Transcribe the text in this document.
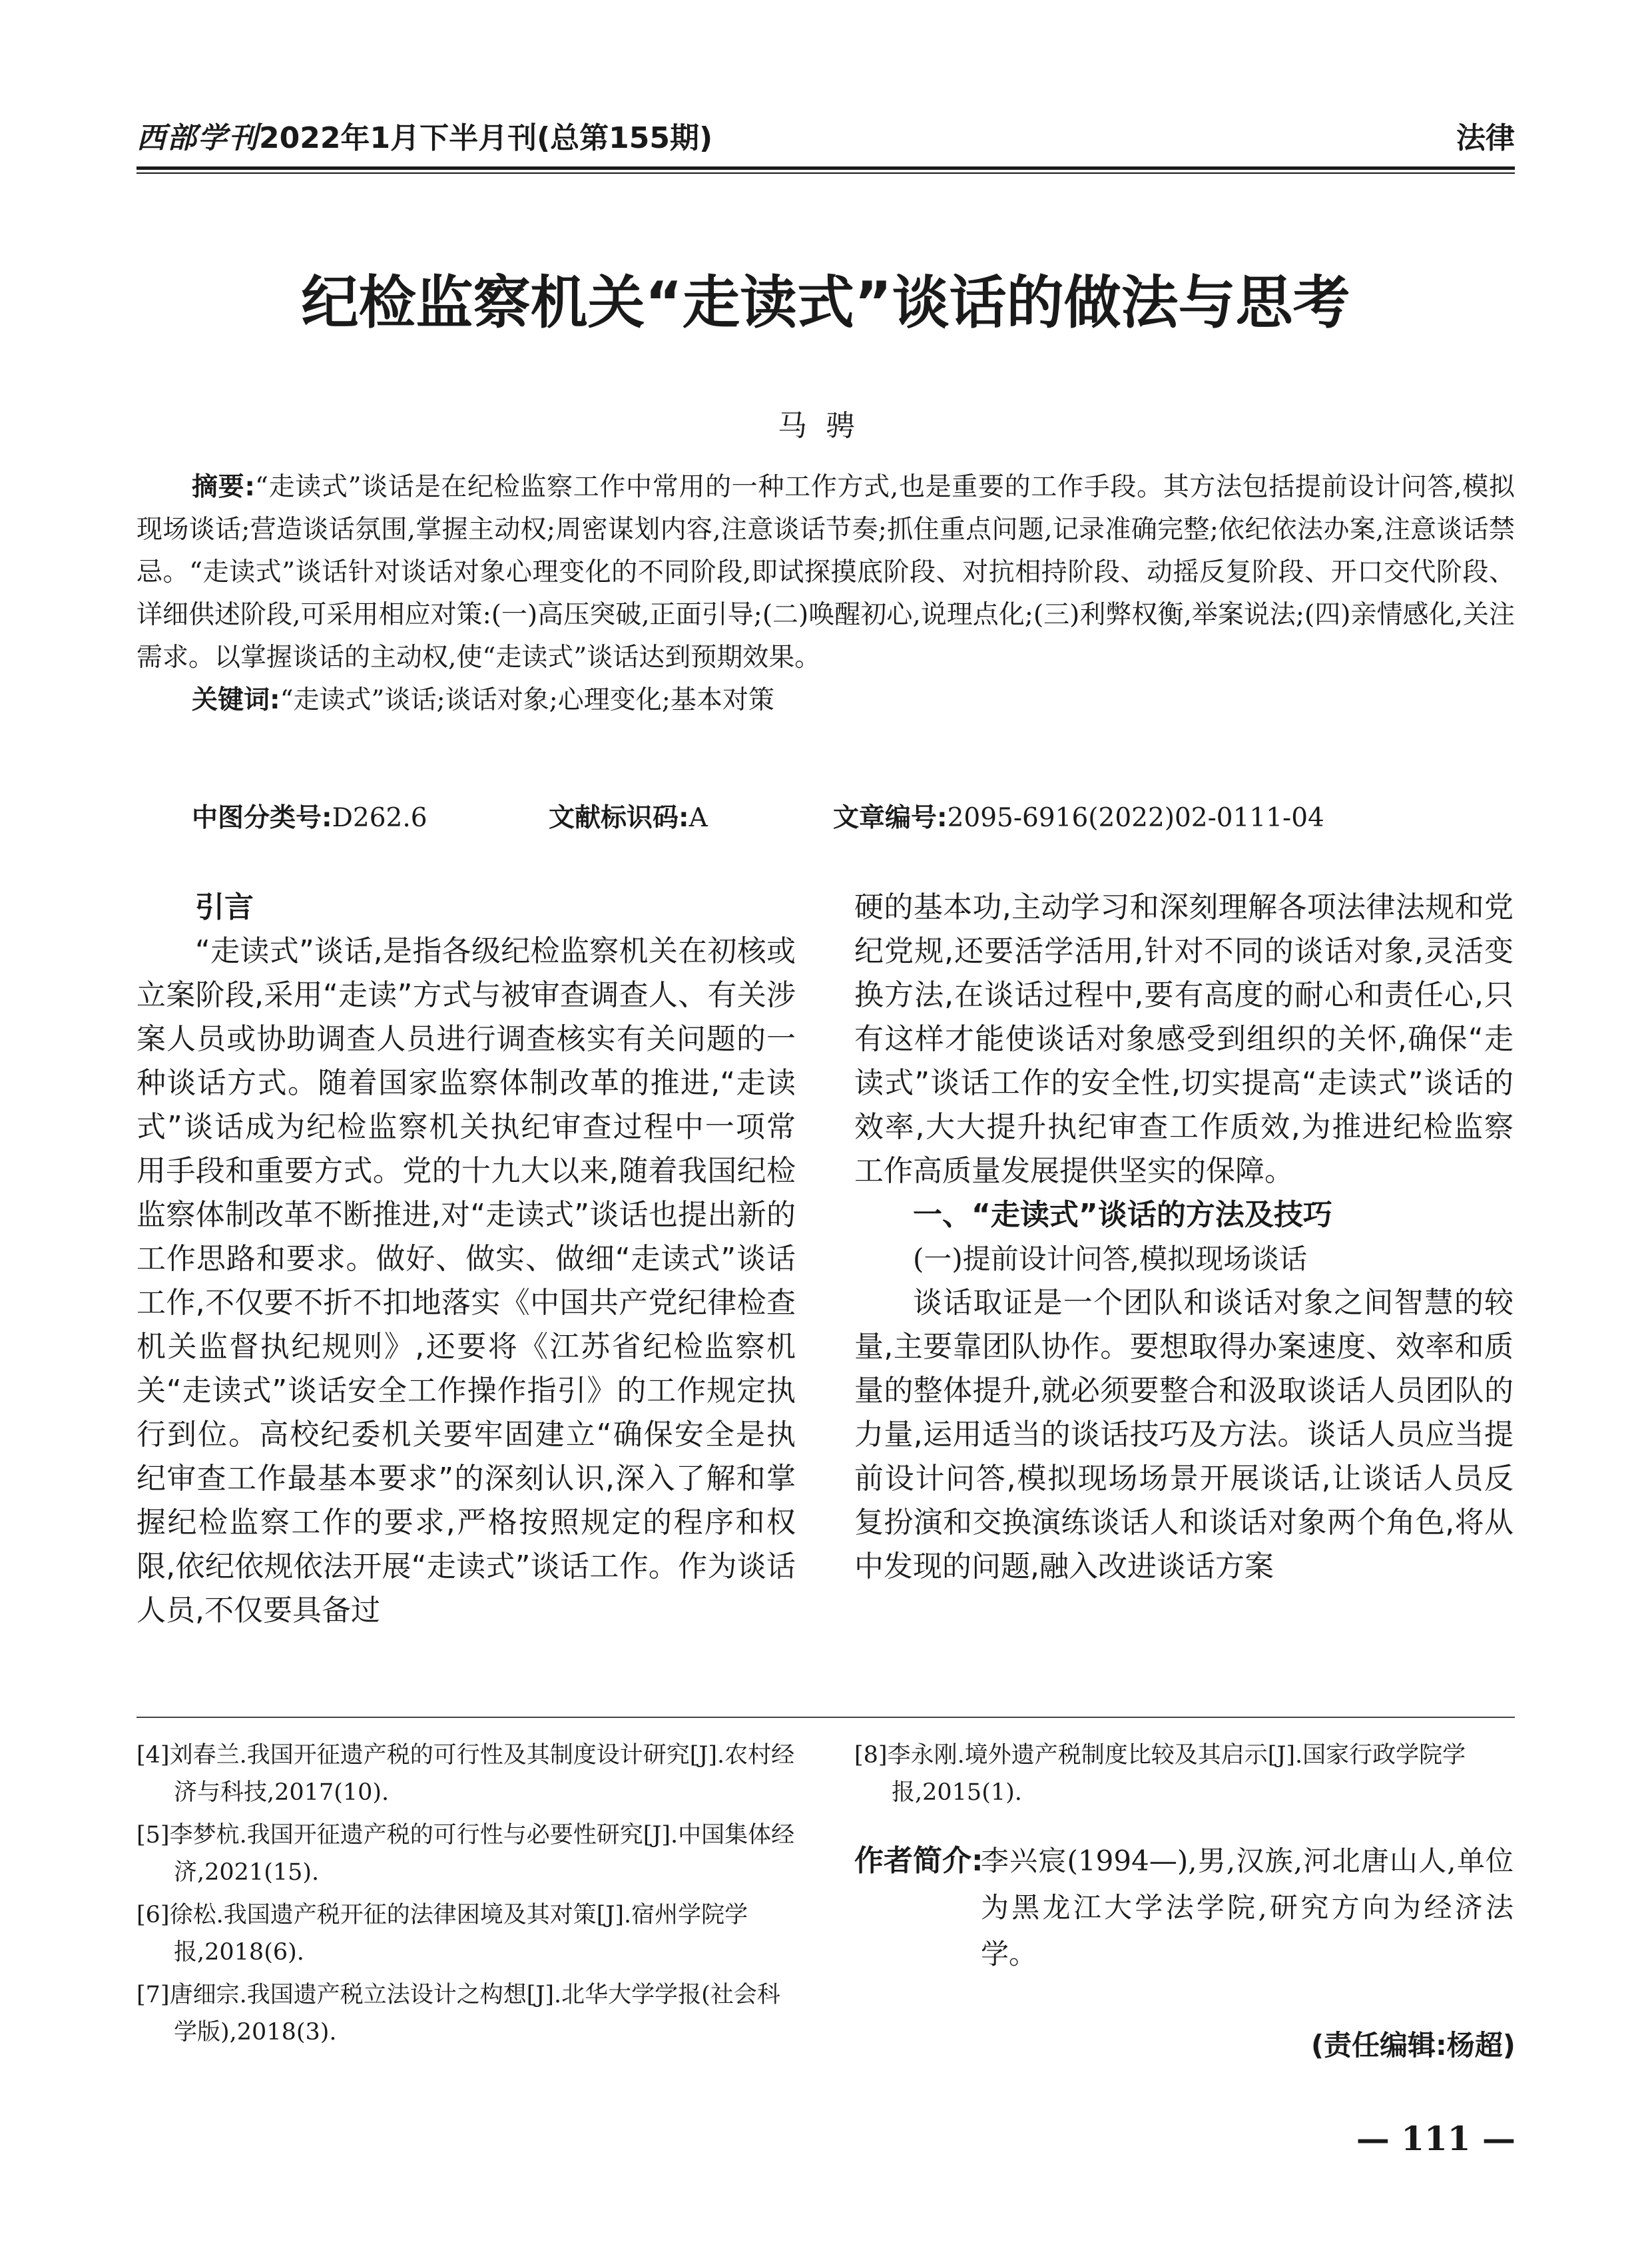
西部学刊2022年1月下半月刊(总第155期)	法律
纪检监察机关“走读式”谈话的做法与思考
马骋

摘要:“走读式”谈话是在纪检监察工作中常用的一种工作方式,也是重要的工作手段。其方法包括提前设计问答,模拟现场谈话;营造谈话氛围,掌握主动权;周密谋划内容,注意谈话节奏;抓住重点问题,记录准确完整;依纪依法办案,注意谈话禁忌。“走读式”谈话针对谈话对象心理变化的不同阶段,即试探摸底阶段、对抗相持阶段、动摇反复阶段、开口交代阶段、详细供述阶段,可采用相应对策:(一)高压突破,正面引导;(二)唤醒初心,说理点化;(三)利弊权衡,举案说法;(四)亲情感化,关注需求。以掌握谈话的主动权,使“走读式”谈话达到预期效果。

关键词:“走读式”谈话;谈话对象;心理变化;基本对策

中图分类号:D262.6	文献标识码:A	文章编号:2095-6916(2022)02-0111-04
引言

“走读式”谈话,是指各级纪检监察机关在初核或立案阶段,采用“走读”方式与被审查调查人、有关涉案人员或协助调查人员进行调查核实有关问题的一种谈话方式。随着国家监察体制改革的推进,“走读式”谈话成为纪检监察机关执纪审查过程中一项常用手段和重要方式。党的十九大以来,随着我国纪检监察体制改革不断推进,对“走读式”谈话也提出新的工作思路和要求。做好、做实、做细“走读式”谈话工作,不仅要不折不扣地落实《中国共产党纪律检查机关监督执纪规则》,还要将《江苏省纪检监察机关“走读式”谈话安全工作操作指引》的工作规定执行到位。高校纪委机关要牢固建立“确保安全是执纪审查工作最基本要求”的深刻认识,深入了解和掌握纪检监察工作的要求,严格按照规定的程序和权限,依纪依规依法开展“走读式”谈话工作。作为谈话人员,不仅要具备过

硬的基本功,主动学习和深刻理解各项法律法规和党纪党规,还要活学活用,针对不同的谈话对象,灵活变换方法,在谈话过程中,要有高度的耐心和责任心,只有这样才能使谈话对象感受到组织的关怀,确保“走读式”谈话工作的安全性,切实提高“走读式”谈话的效率,大大提升执纪审查工作质效,为推进纪检监察工作高质量发展提供坚实的保障。

一、“走读式”谈话的方法及技巧
(一)提前设计问答,模拟现场谈话

谈话取证是一个团队和谈话对象之间智慧的较量,主要靠团队协作。要想取得办案速度、效率和质量的整体提升,就必须要整合和汲取谈话人员团队的力量,运用适当的谈话技巧及方法。谈话人员应当提前设计问答,模拟现场场景开展谈话,让谈话人员反复扮演和交换演练谈话人和谈话对象两个角色,将从中发现的问题,融入改进谈话方案

[4]刘春兰.我国开征遗产税的可行性及其制度设计研究[J].农村经济与科技,2017(10).

[5]李梦杭.我国开征遗产税的可行性与必要性研究[J].中国集体经济,2021(15).

[6]徐松.我国遗产税开征的法律困境及其对策[J].宿州学院学报,2018(6).

[7]唐细宗.我国遗产税立法设计之构想[J].北华大学学报(社会科学版),2018(3).

[8]李永刚.境外遗产税制度比较及其启示[J].国家行政学院学报,2015(1).

作者简介:
李兴宸(1994—),男,汉族,河北唐山人,单位为黑龙江大学法学院,研究方向为经济法学。
(责任编辑:杨超)
— 111 —
